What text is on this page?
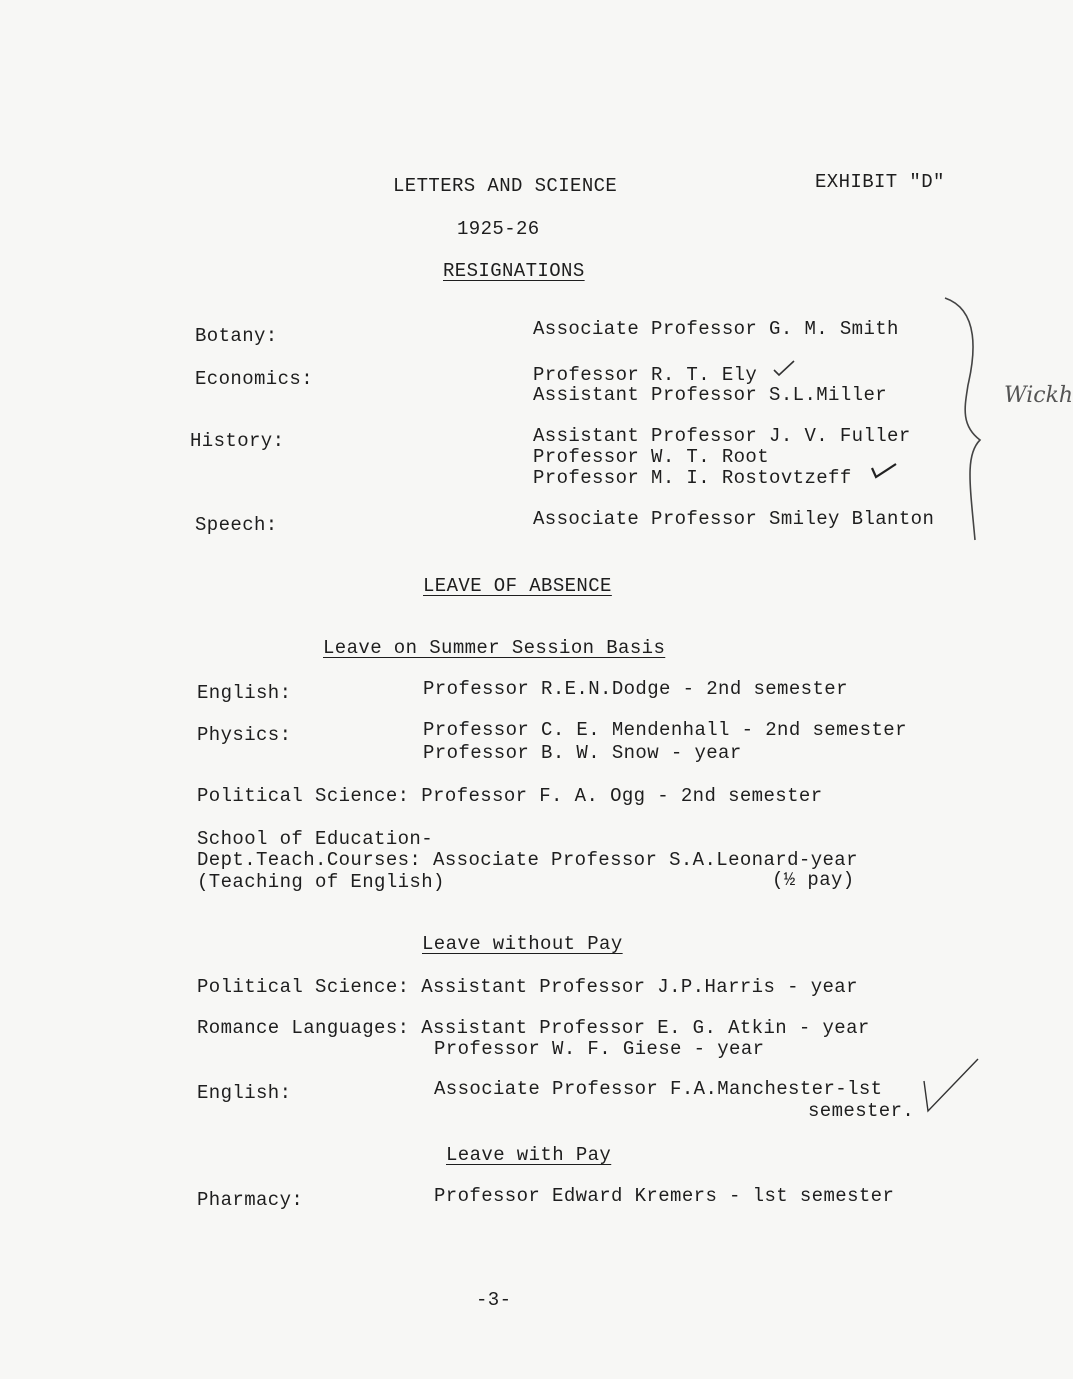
LETTERS AND SCIENCE	EXHIBIT "D"
1925-26
RESIGNATIONS
Botany:	Associate Professor G. M. Smith
Economics:	Professor R. T. Ely
Assistant Professor S.L.Miller
History:	Assistant Professor J. V. Fuller
Professor W. T. Root
Professor M. I. Rostovtzeff
Speech:	Associate Professor Smiley Blanton
Wickh
LEAVE OF ABSENCE
Leave on Summer Session Basis
English:	Professor R.E.N.Dodge - 2nd semester
Physics:	Professor C. E. Mendenhall - 2nd semester
Professor B. W. Snow - year
Political Science: Professor F. A. Ogg - 2nd semester
School of Education-
Dept.Teach.Courses: Associate Professor S.A.Leonard-year
(Teaching of English)	(½ pay)
Leave without Pay
Political Science: Assistant Professor J.P.Harris - year
Romance Languages: Assistant Professor E. G. Atkin - year
Professor W. F. Giese - year
English:	Associate Professor F.A.Manchester-lst
semester.
Leave with Pay
Pharmacy:	Professor Edward Kremers - lst semester
-3-
